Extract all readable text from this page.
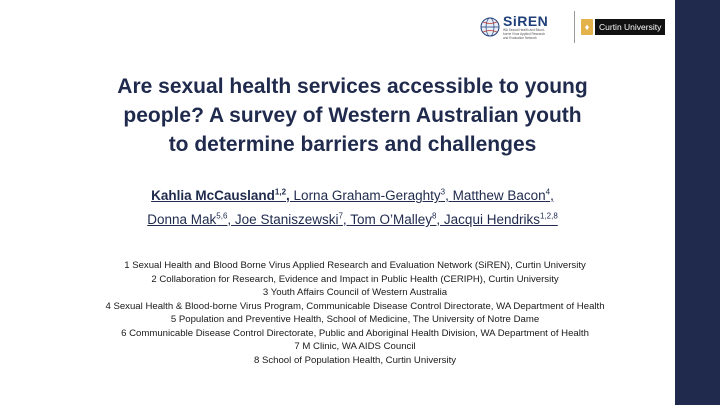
SiREN
WA Sexual Health and Blood-borne Virus Applied Research and Evaluation Network
♦	Curtin University
Are sexual health services accessible to young
people? A survey of Western Australian youth
to determine barriers and challenges
Kahlia McCausland$^{1,2}$, Lorna Graham-Geraghty$^3$, Matthew Bacon$^4$,
Donna Mak$^{5,6}$, Joe Staniszewski$^7$, Tom O’Malley$^8$, Jacqui Hendriks$^{1,2,8}$
1 Sexual Health and Blood Borne Virus Applied Research and Evaluation Network (SiREN), Curtin University
2 Collaboration for Research, Evidence and Impact in Public Health (CERIPH), Curtin University
3 Youth Affairs Council of Western Australia
4 Sexual Health & Blood-borne Virus Program, Communicable Disease Control Directorate, WA Department of Health
5 Population and Preventive Health, School of Medicine, The University of Notre Dame
6 Communicable Disease Control Directorate, Public and Aboriginal Health Division, WA Department of Health
7 M Clinic, WA AIDS Council
8 School of Population Health, Curtin University
